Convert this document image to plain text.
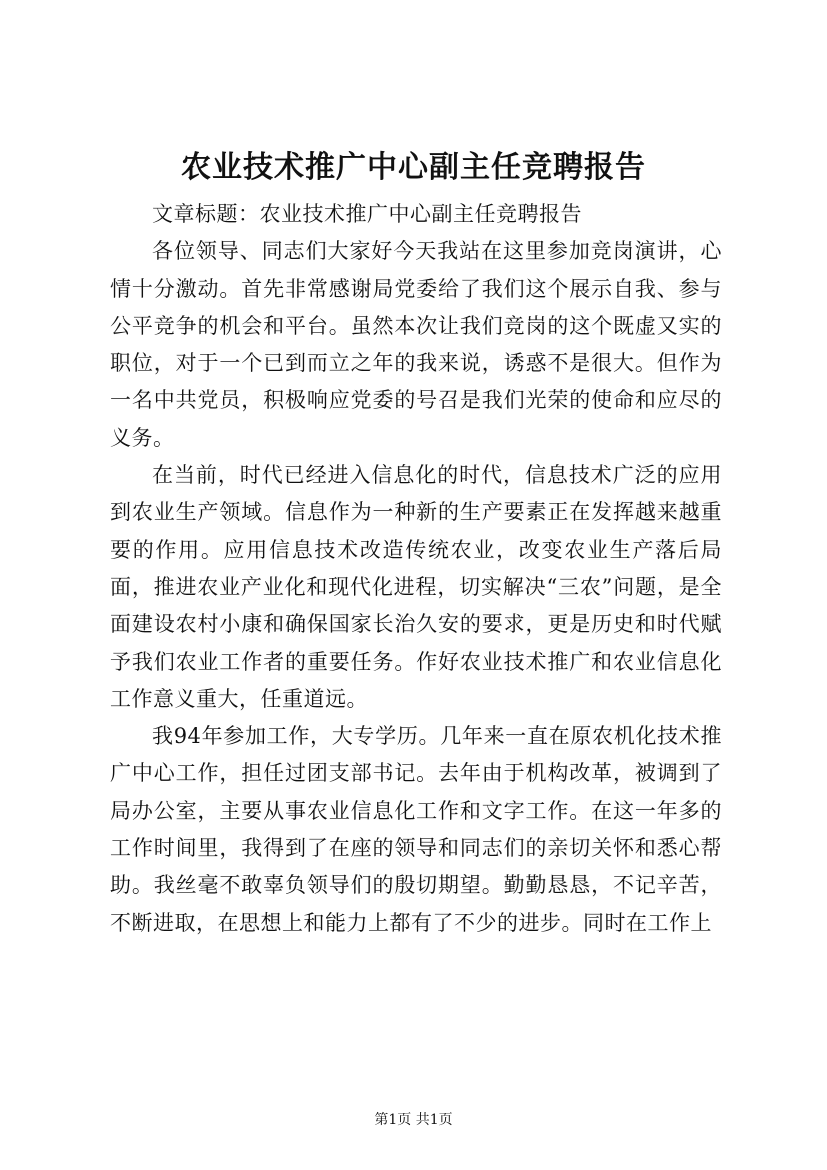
农业技术推广中心副主任竞聘报告

文章标题：农业技术推广中心副主任竞聘报告

各位领导、同志们大家好今天我站在这里参加竞岗演讲，心情十分激动。首先非常感谢局党委给了我们这个展示自我、参与公平竞争的机会和平台。虽然本次让我们竞岗的这个既虚又实的职位，对于一个已到而立之年的我来说，诱惑不是很大。但作为一名中共党员，积极响应党委的号召是我们光荣的使命和应尽的义务。

在当前，时代已经进入信息化的时代，信息技术广泛的应用到农业生产领域。信息作为一种新的生产要素正在发挥越来越重要的作用。应用信息技术改造传统农业，改变农业生产落后局面，推进农业产业化和现代化进程，切实解决“三农”问题，是全面建设农村小康和确保国家长治久安的要求，更是历史和时代赋予我们农业工作者的重要任务。作好农业技术推广和农业信息化工作意义重大，任重道远。

我94年参加工作，大专学历。几年来一直在原农机化技术推广中心工作，担任过团支部书记。去年由于机构改革，被调到了局办公室，主要从事农业信息化工作和文字工作。在这一年多的工作时间里，我得到了在座的领导和同志们的亲切关怀和悉心帮助。我丝毫不敢辜负领导们的殷切期望。勤勤恳恳，不记辛苦，不断进取，在思想上和能力上都有了不少的进步。同时在工作上

第1页 共1页
